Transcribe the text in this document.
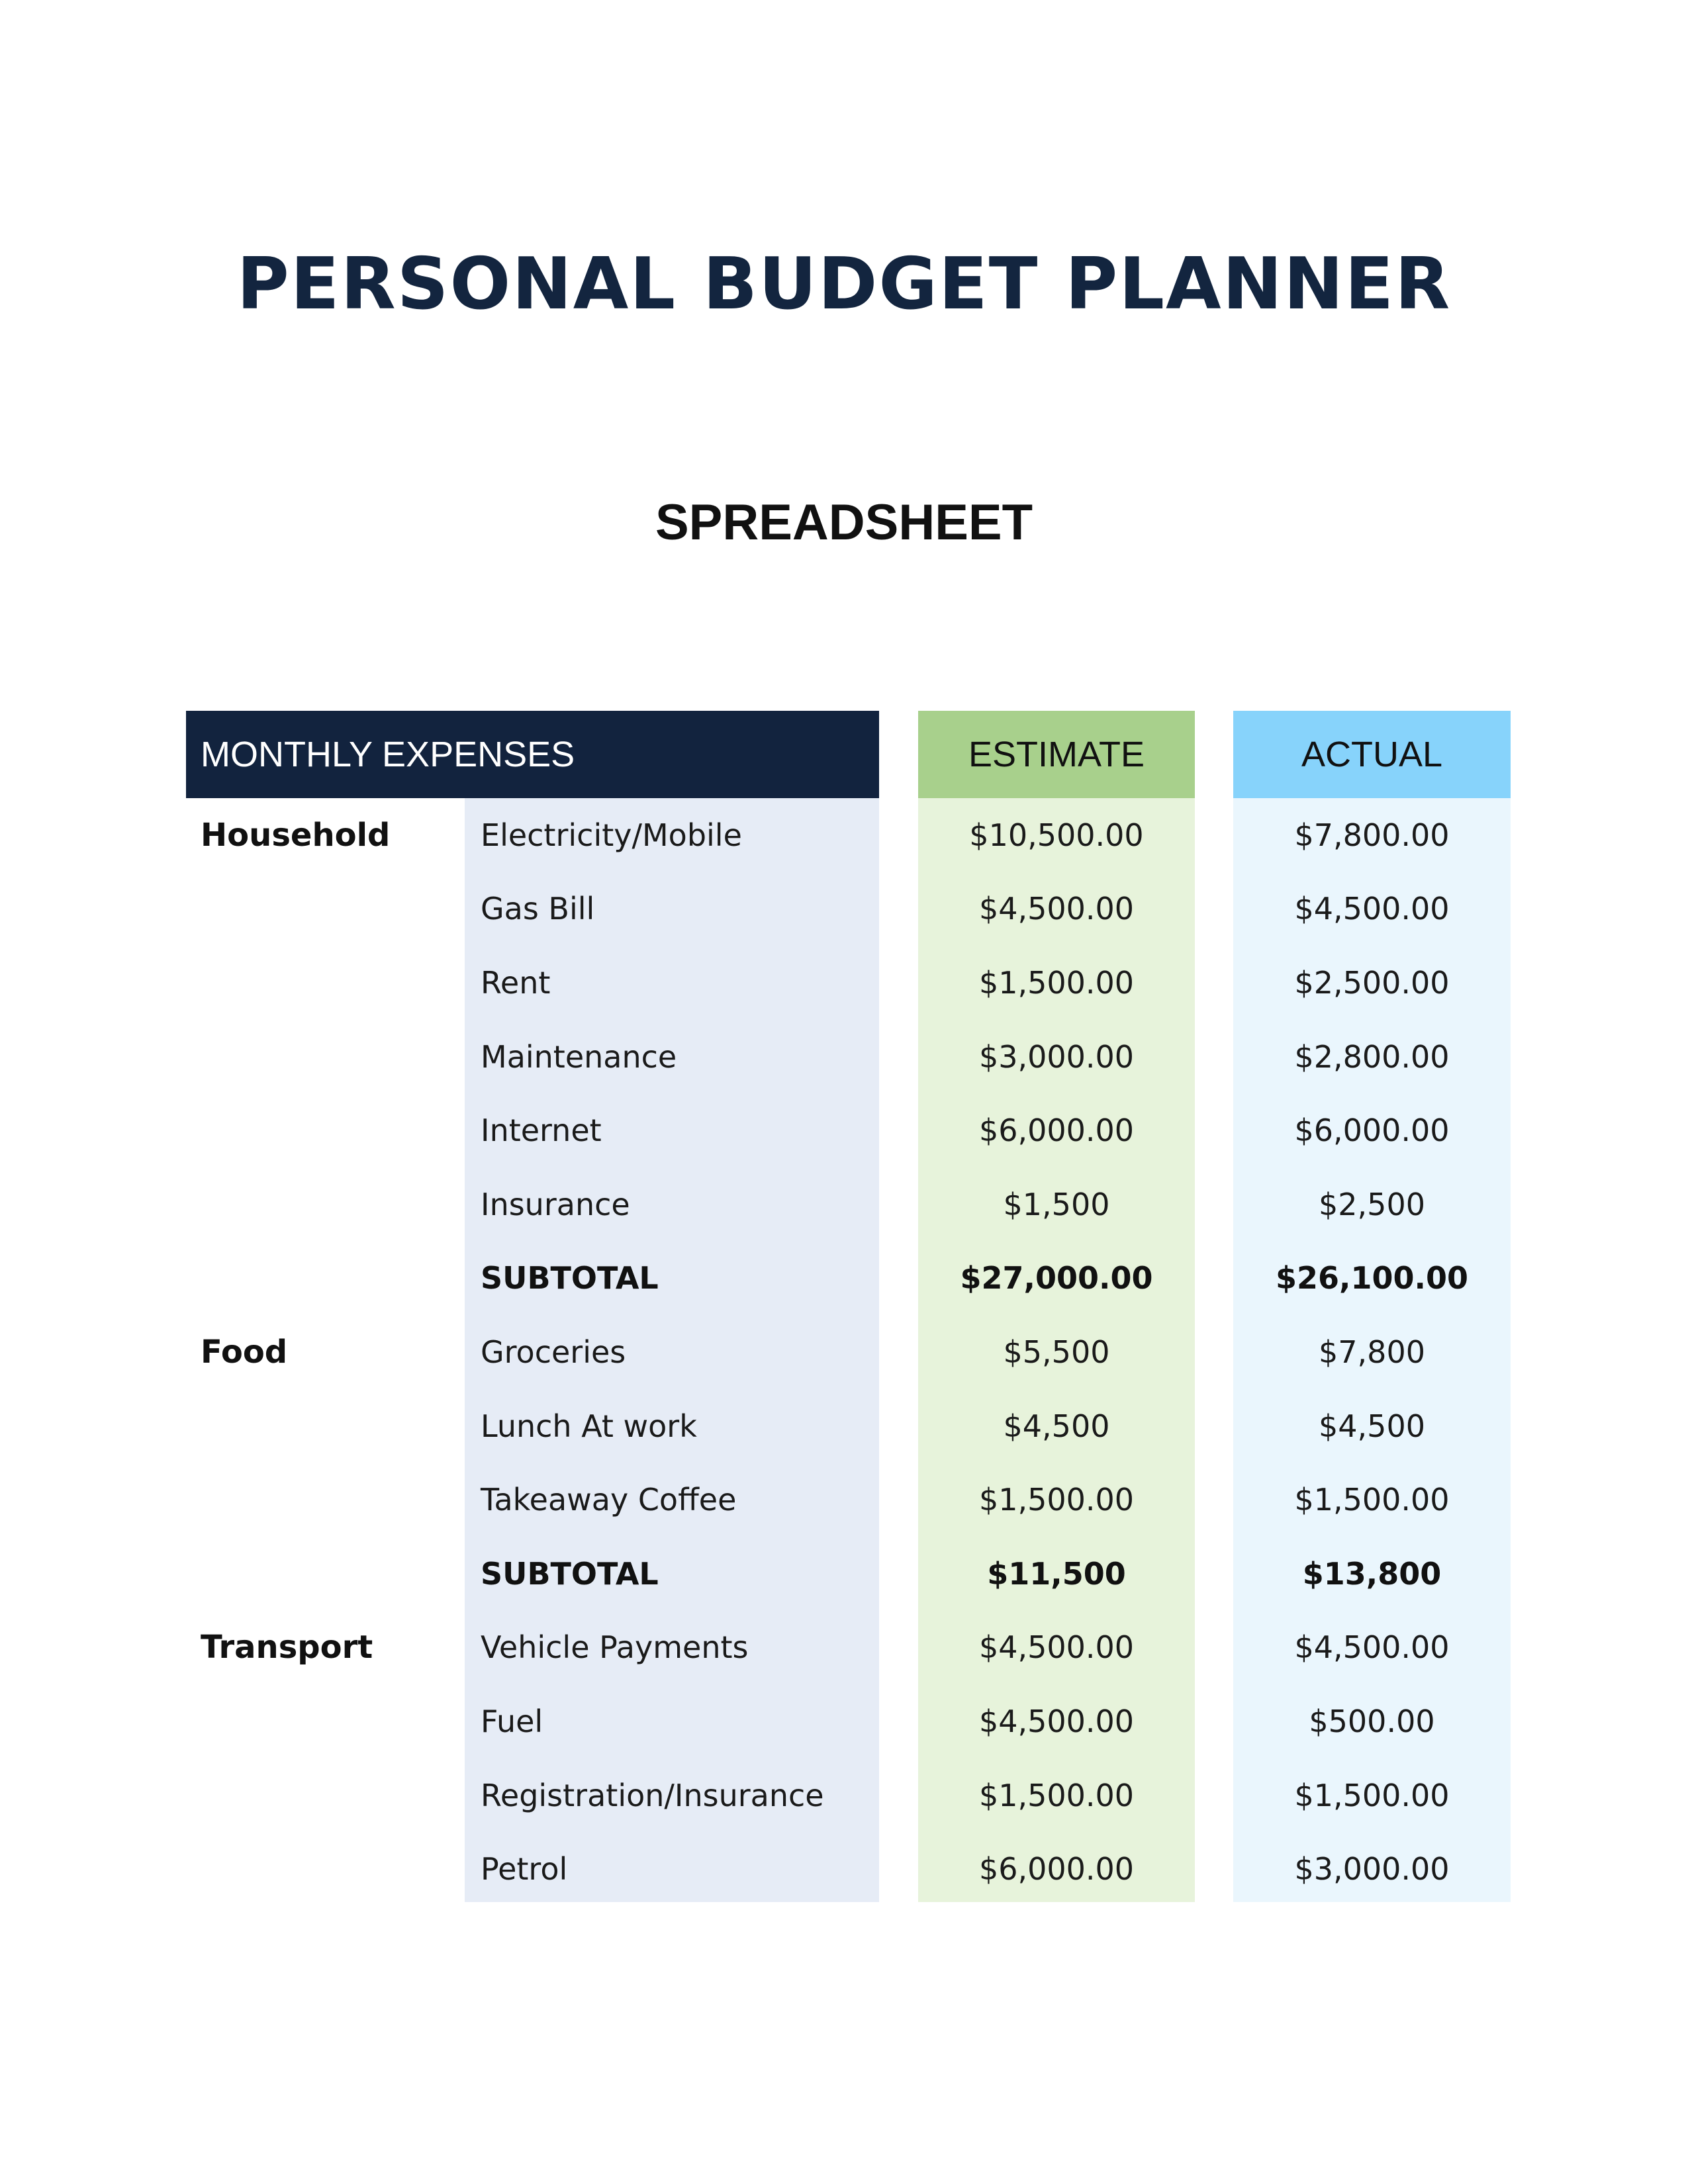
PERSONAL BUDGET PLANNER
SPREADSHEET
MONTHLY EXPENSES	ESTIMATE	ACTUAL
Household	Electricity/Mobile	$10,500.00	$7,800.00
Gas Bill	$4,500.00	$4,500.00
Rent	$1,500.00	$2,500.00
Maintenance	$3,000.00	$2,800.00
Internet	$6,000.00	$6,000.00
Insurance	$1,500	$2,500
SUBTOTAL	$27,000.00	$26,100.00
Food	Groceries	$5,500	$7,800
Lunch At work	$4,500	$4,500
Takeaway Coffee	$1,500.00	$1,500.00
SUBTOTAL	$11,500	$13,800
Transport	Vehicle Payments	$4,500.00	$4,500.00
Fuel	$4,500.00	$500.00
Registration/Insurance	$1,500.00	$1,500.00
Petrol	$6,000.00	$3,000.00
